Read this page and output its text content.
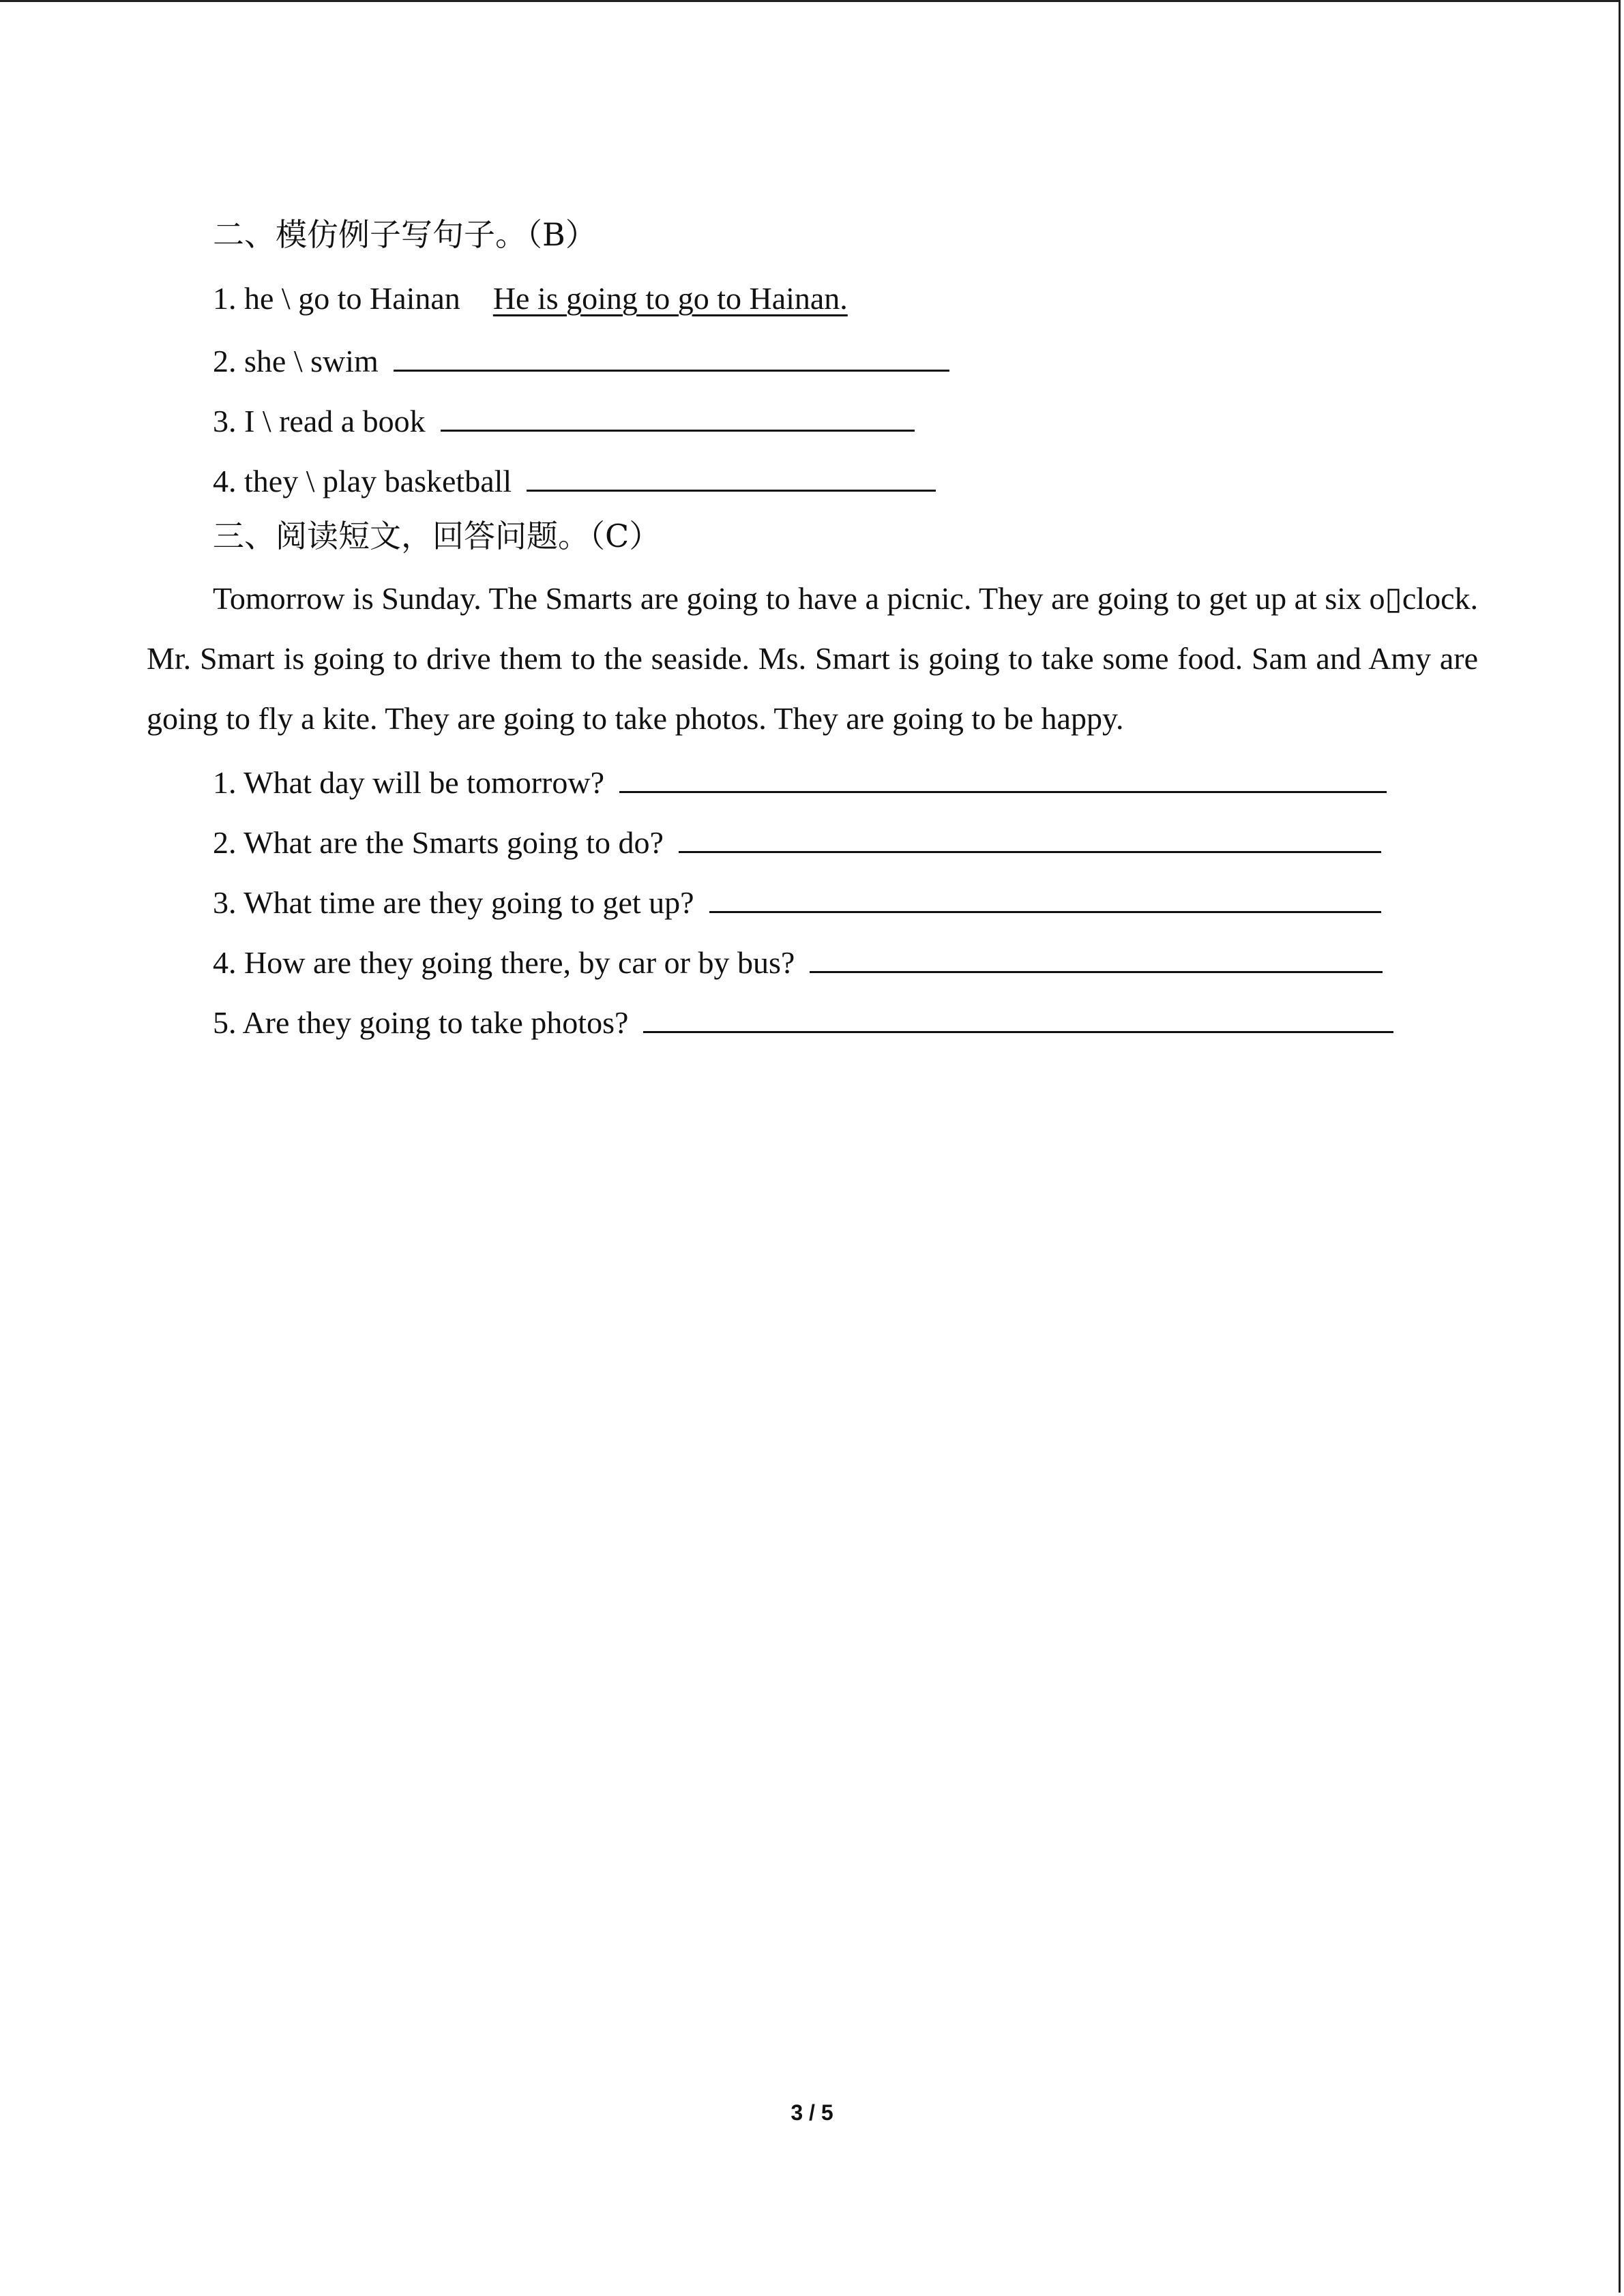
二、模仿例子写句子。（B）
1. he \ go to Hainan He is going to go to Hainan.
2. she \ swim
3. I \ read a book
4. they \ play basketball
三、阅读短文，回答问题。（C）
Tomorrow is Sunday. The Smarts are going to have a picnic. They are going to get up at six o▯clock. Mr. Smart is going to drive them to the seaside. Ms. Smart is going to take some food. Sam and Amy are going to fly a kite. They are going to take photos. They are going to be happy.
1. What day will be tomorrow?
2. What are the Smarts going to do?
3. What time are they going to get up?
4. How are they going there, by car or by bus?
5. Are they going to take photos?
3 / 5
